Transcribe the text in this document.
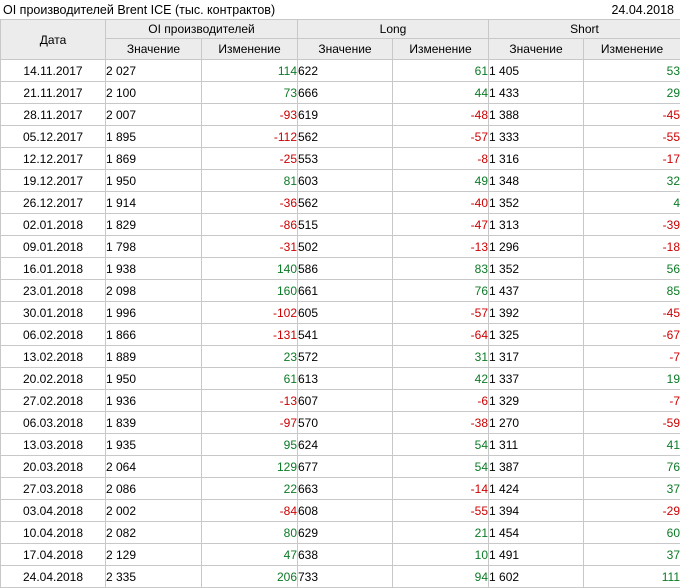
OI производителей Brent ICE (тыс. контрактов)	24.04.2018
Дата	OI производителей		Long		Short	
	Значение	Изменение	Значение	Изменение	Значение	Изменение
14.11.2017	2 027	114	622	61	1 405	53
21.11.2017	2 100	73	666	44	1 433	29
28.11.2017	2 007	-93	619	-48	1 388	-45
05.12.2017	1 895	-112	562	-57	1 333	-55
12.12.2017	1 869	-25	553	-8	1 316	-17
19.12.2017	1 950	81	603	49	1 348	32
26.12.2017	1 914	-36	562	-40	1 352	4
02.01.2018	1 829	-86	515	-47	1 313	-39
09.01.2018	1 798	-31	502	-13	1 296	-18
16.01.2018	1 938	140	586	83	1 352	56
23.01.2018	2 098	160	661	76	1 437	85
30.01.2018	1 996	-102	605	-57	1 392	-45
06.02.2018	1 866	-131	541	-64	1 325	-67
13.02.2018	1 889	23	572	31	1 317	-7
20.02.2018	1 950	61	613	42	1 337	19
27.02.2018	1 936	-13	607	-6	1 329	-7
06.03.2018	1 839	-97	570	-38	1 270	-59
13.03.2018	1 935	95	624	54	1 311	41
20.03.2018	2 064	129	677	54	1 387	76
27.03.2018	2 086	22	663	-14	1 424	37
03.04.2018	2 002	-84	608	-55	1 394	-29
10.04.2018	2 082	80	629	21	1 454	60
17.04.2018	2 129	47	638	10	1 491	37
24.04.2018	2 335	206	733	94	1 602	111
